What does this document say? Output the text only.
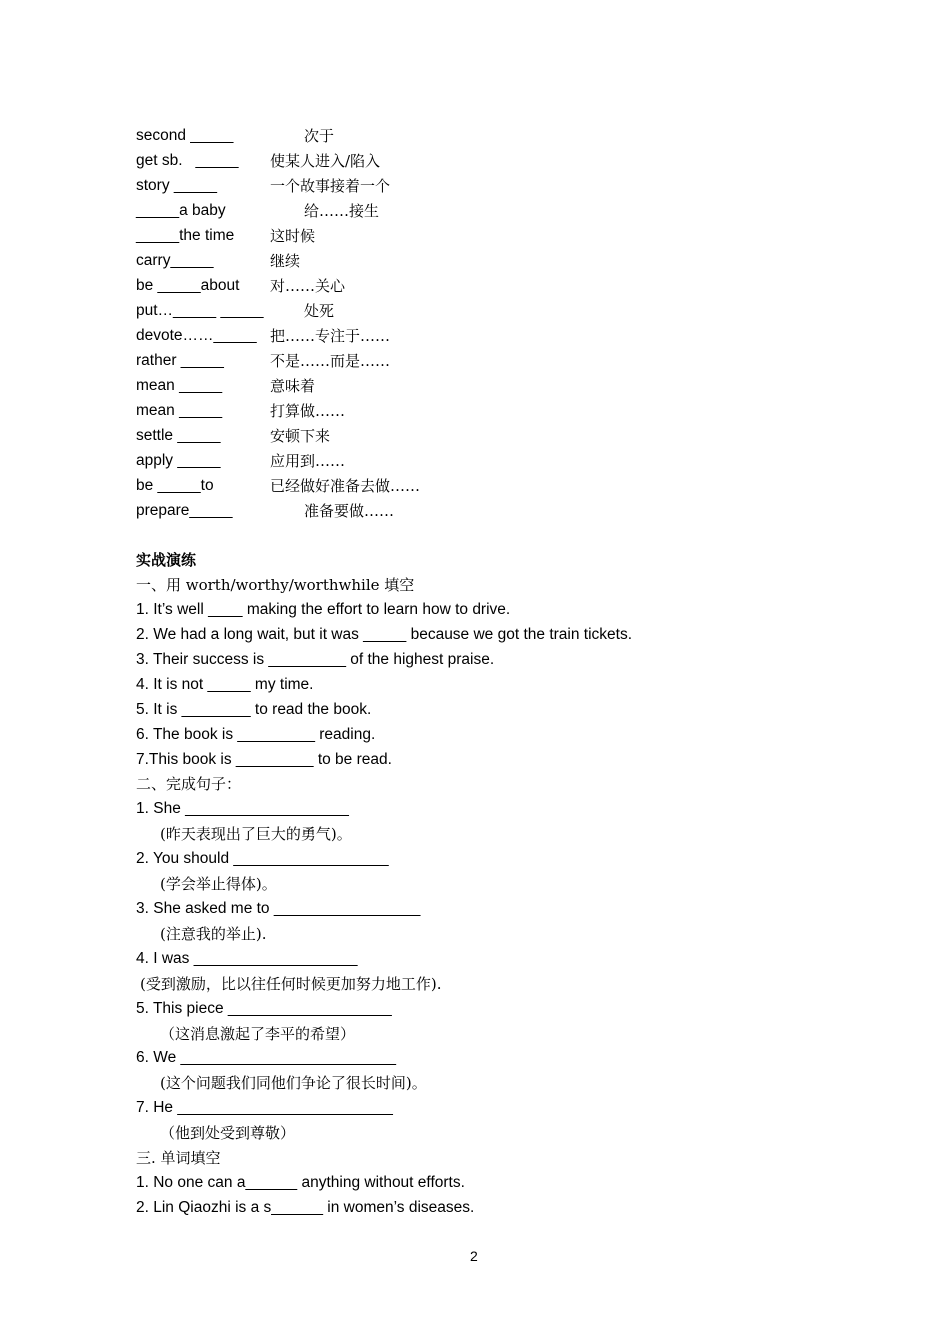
second _____	次于
get sb.   _____ 使某人进入/陷入
story _____	一个故事接着一个
_____a baby	给……接生
_____the time 这时候
carry_____	继续
be _____about 对……关心
put…_____ _____	处死
devote……_____ 把……专注于……
rather _____	不是……而是……
mean _____	意味着
mean _____	打算做……
settle _____	安顿下来
apply _____	应用到……
be _____to	已经做好准备去做……
prepare_____	准备要做……
实战演练
一、用 worth/worthy/worthwhile 填空
1. It’s well ____ making the effort to learn how to drive.
2. We had a long wait, but it was _____ because we got the train tickets.
3. Their success is _________ of the highest praise.
4. It is not _____ my time.
5. It is ________ to read the book.
6. The book is _________ reading.
7.This book is _________ to be read.
二、完成句子：
1. She ___________________
(昨天表现出了巨大的勇气)。
2. You should __________________
(学会举止得体)。
3. She asked me to _________________
(注意我的举止).
4. I was ___________________
(受到激励，比以往任何时候更加努力地工作).
5. This piece ___________________
（这消息激起了李平的希望）
6. We _________________________
(这个问题我们同他们争论了很长时间)。
7. He _________________________
（他到处受到尊敬）
三. 单词填空
1. No one can a______ anything without efforts.
2. Lin Qiaozhi is a s______ in women’s diseases.
2
